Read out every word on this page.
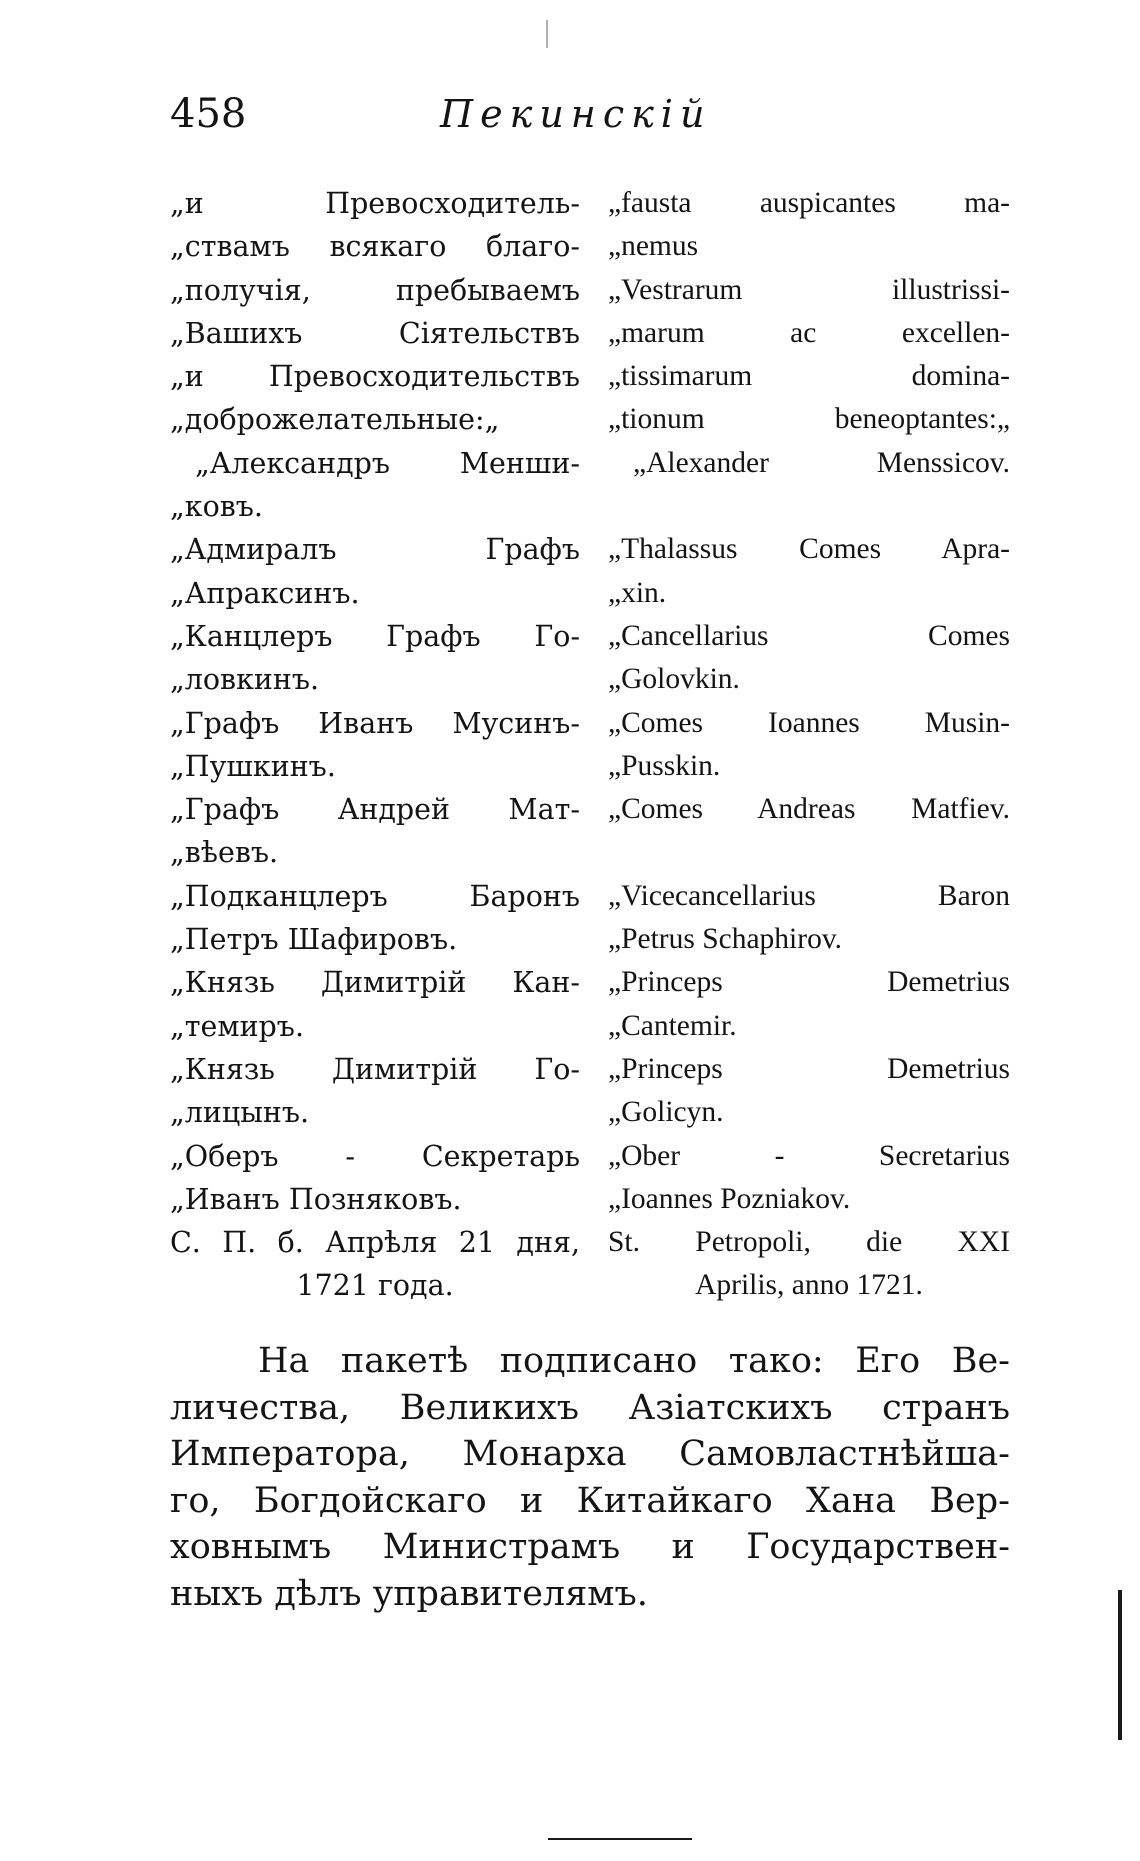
458	Пекинскiй
„и Превосходитель-
„ствамъ всякаго благо-
„получiя, пребываемъ
„Вашихъ Сiятельствъ
„и Превосходительствъ
„доброжелательные:„
„Александръ Менши-
„ковъ.
„Адмиралъ Графъ
„Апраксинъ.
„Канцлеръ Графъ Го-
„ловкинъ.
„Графъ Иванъ Мусинъ-
„Пушкинъ.
„Графъ Андрей Мат-
„вѣевъ.
„Подканцлеръ Баронъ
„Петръ Шафировъ.
„Князь Димитрiй Кан-
„темиръ.
„Князь Димитрiй Го-
„лицынъ.
„Оберъ - Секретарь
„Иванъ Позняковъ.
С. П. б. Апрѣля 21 дня,
1721 года.
„fausta auspicantes ma-
„nemus
„Vestrarum illustrissi-
„marum ac excellen-
„tissimarum domina-
„tionum beneoptantes:„
„Alexander Menssicov.
„Thalassus Comes Apra-
„xin.
„Cancellarius Comes
„Golovkin.
„Comes Ioannes Musin-
„Pusskin.
„Comes Andreas Matfiev.
„Vicecancellarius Baron
„Petrus Schaphirov.
„Princeps Demetrius
„Cantemir.
„Princeps Demetrius
„Golicyn.
„Ober - Secretarius
„Ioannes Pozniakov.
St. Petropoli, die XXI
Aprilis, anno 1721.
На пакетѣ подписано тако: Его Ве-
личества, Великихъ Азiатскихъ странъ
Императора, Монарха Самовластнѣйша-
го, Богдойскаго и Китайкаго Хана Вер-
ховнымъ Министрамъ и Государствен-
ныхъ дѣлъ управителямъ.
